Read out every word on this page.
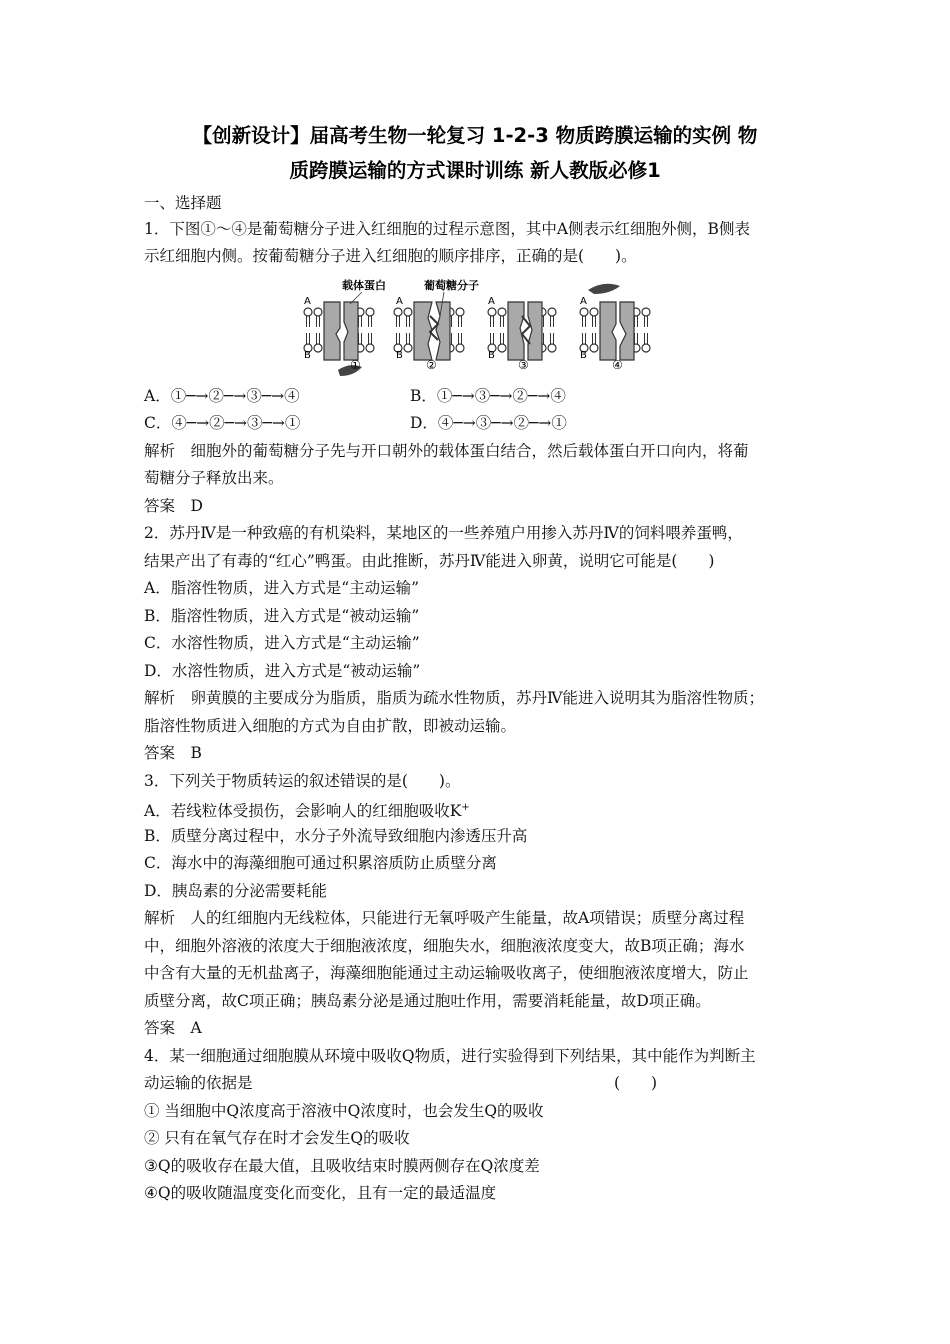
【创新设计】届高考生物一轮复习 1-2-3 物质跨膜运输的实例 物
质跨膜运输的方式课时训练 新人教版必修1
一、选择题
1．下图①～④是葡萄糖分子进入红细胞的过程示意图，其中A侧表示红细胞外侧，B侧表
示红细胞内侧。按葡萄糖分子进入红细胞的顺序排序，正确的是(　　)。
①	②	③	④
载体蛋白	葡萄糖分子
A
B
A
B
A
B
A
B
A．①─→②─→③─→④	B．①─→③─→②─→④
C．④─→②─→③─→①	D．④─→③─→②─→①
解析　细胞外的葡萄糖分子先与开口朝外的载体蛋白结合，然后载体蛋白开口向内，将葡
萄糖分子释放出来。
答案　D
2．苏丹Ⅳ是一种致癌的有机染料，某地区的一些养殖户用掺入苏丹Ⅳ的饲料喂养蛋鸭，
结果产出了有毒的“红心”鸭蛋。由此推断，苏丹Ⅳ能进入卵黄，说明它可能是(　　)
A．脂溶性物质，进入方式是“主动运输”
B．脂溶性物质，进入方式是“被动运输”
C．水溶性物质，进入方式是“主动运输”
D．水溶性物质，进入方式是“被动运输”
解析　卵黄膜的主要成分为脂质，脂质为疏水性物质，苏丹Ⅳ能进入说明其为脂溶性物质；
脂溶性物质进入细胞的方式为自由扩散，即被动运输。
答案　B
3．下列关于物质转运的叙述错误的是(　　)。
A．若线粒体受损伤，会影响人的红细胞吸收K+
B．质壁分离过程中，水分子外流导致细胞内渗透压升高
C．海水中的海藻细胞可通过积累溶质防止质壁分离
D．胰岛素的分泌需要耗能
解析　人的红细胞内无线粒体，只能进行无氧呼吸产生能量，故A项错误；质壁分离过程
中，细胞外溶液的浓度大于细胞液浓度，细胞失水，细胞液浓度变大，故B项正确；海水
中含有大量的无机盐离子，海藻细胞能通过主动运输吸收离子，使细胞液浓度增大，防止
质壁分离，故C项正确；胰岛素分泌是通过胞吐作用，需要消耗能量，故D项正确。
答案　A
4．某一细胞通过细胞膜从环境中吸收Q物质，进行实验得到下列结果，其中能作为判断主
动运输的依据是	(　　)
① 当细胞中Q浓度高于溶液中Q浓度时，也会发生Q的吸收
② 只有在氧气存在时才会发生Q的吸收
③Q的吸收存在最大值，且吸收结束时膜两侧存在Q浓度差
④Q的吸收随温度变化而变化，且有一定的最适温度
